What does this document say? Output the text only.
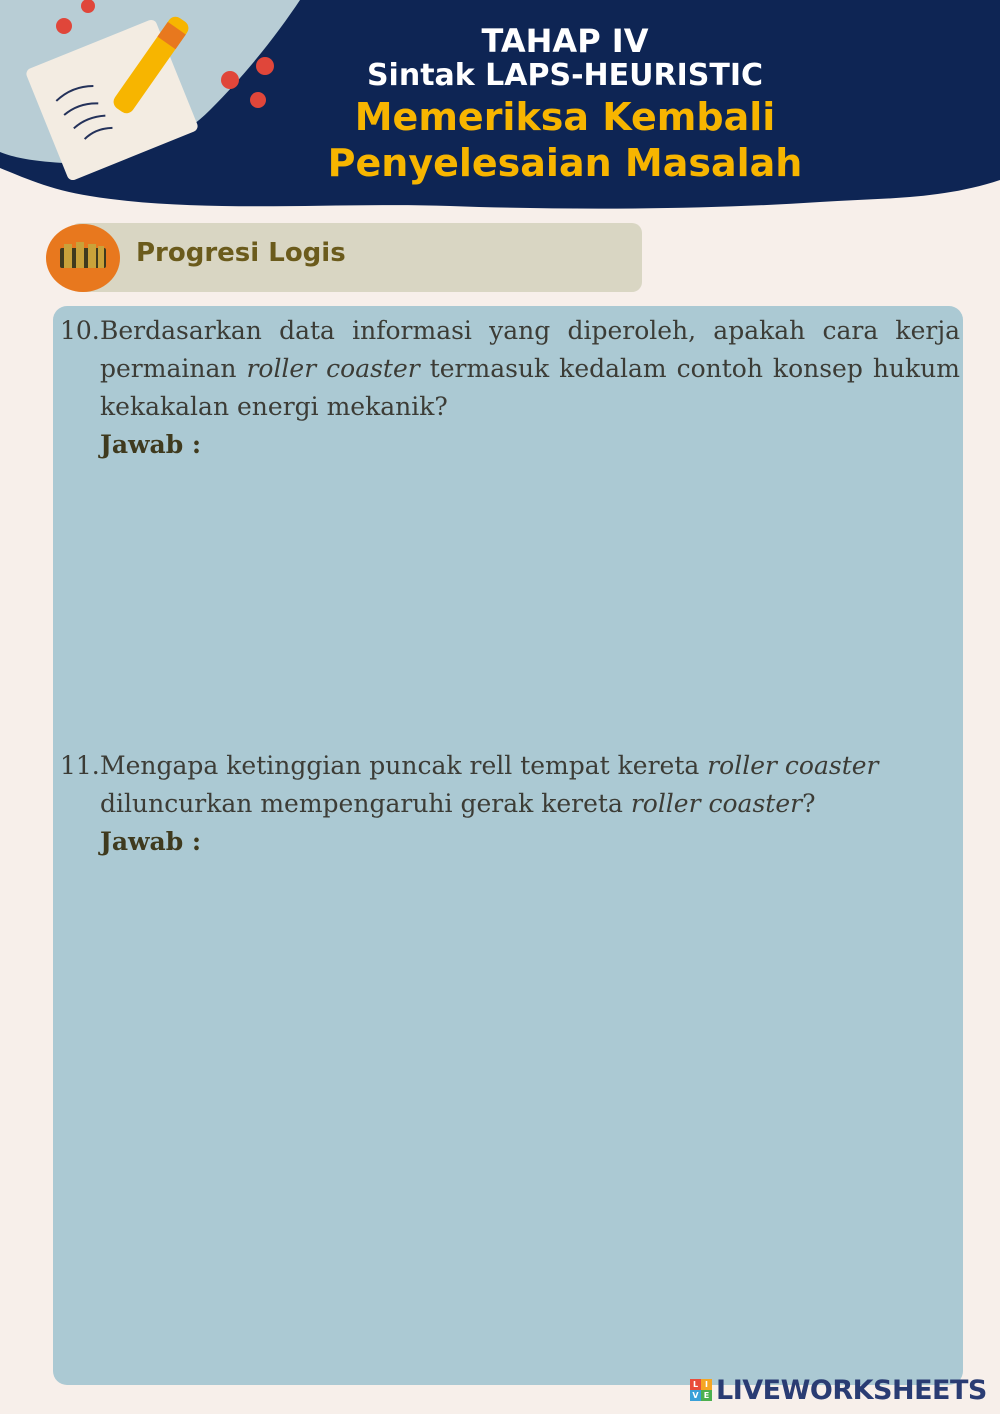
TAHAP IV
Sintak LAPS-HEURISTIC
Memeriksa Kembali
Penyelesaian Masalah
Progresi Logis
10. Berdasarkan data informasi yang diperoleh, apakah cara kerja permainan roller coaster termasuk kedalam contoh konsep hukum kekakalan energi mekanik?
Jawab :
11. Mengapa ketinggian puncak rell tempat kereta roller coaster diluncurkan mempengaruhi gerak kereta roller coaster?
Jawab :
L I
V E LIVEWORKSHEETS
